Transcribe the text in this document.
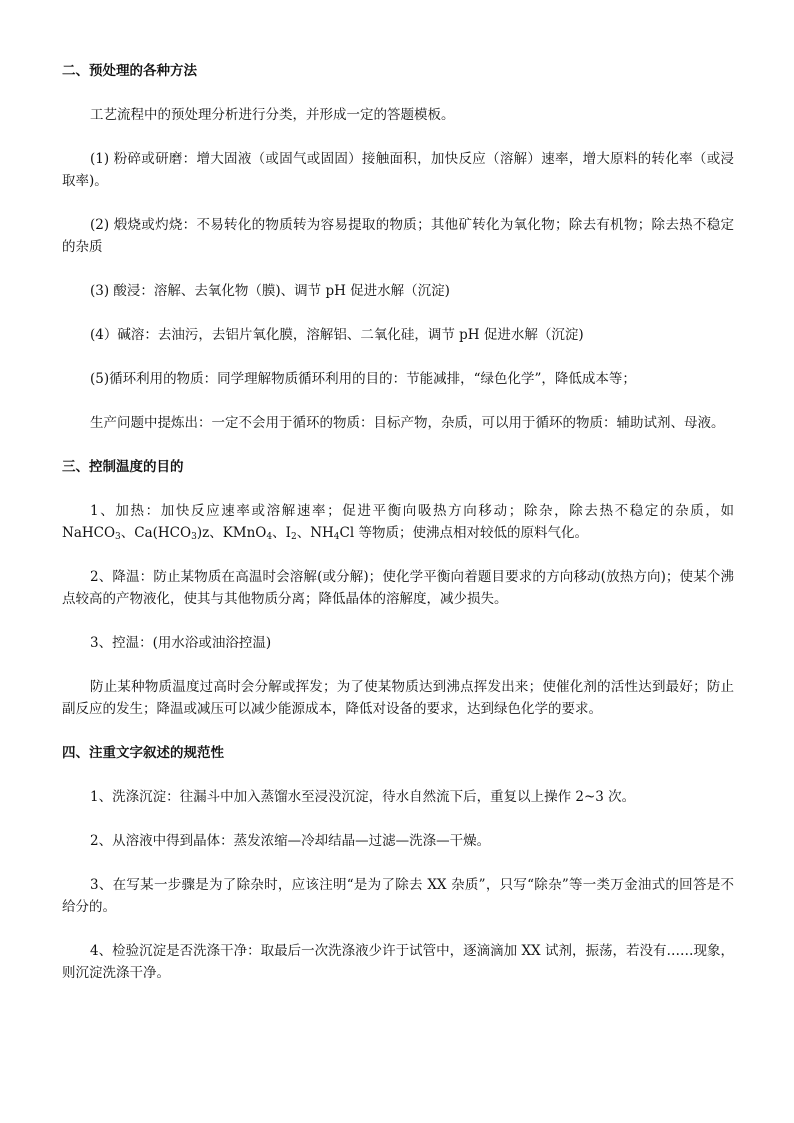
二、预处理的各种方法
工艺流程中的预处理分析进行分类，并形成一定的答题模板。
(1) 粉碎或研磨：增大固液（或固气或固固）接触面积，加快反应（溶解）速率，增大原料的转化率（或浸取率)。
(2) 煅烧或灼烧：不易转化的物质转为容易提取的物质；其他矿转化为氧化物；除去有机物；除去热不稳定的杂质
(3) 酸浸：溶解、去氧化物（膜)、调节 pH 促进水解（沉淀)
(4）碱溶：去油污，去铝片氧化膜，溶解铝、二氧化硅，调节 pH 促进水解（沉淀)
(5)循环利用的物质：同学理解物质循环利用的目的：节能减排，“绿色化学”，降低成本等；
生产问题中提炼出：一定不会用于循环的物质：目标产物，杂质，可以用于循环的物质：辅助试剂、母液。
三、控制温度的目的
1、加热：加快反应速率或溶解速率；促进平衡向吸热方向移动；除杂，除去热不稳定的杂质，如 NaHCO$_3$、$Ca(HCO_3)z$、KMnO$_4$、$I_2$、$NH_4Cl$ 等物质；使沸点相对较低的原料气化。
2、降温：防止某物质在高温时会溶解(或分解)；使化学平衡向着题目要求的方向移动(放热方向)；使某个沸点较高的产物液化，使其与其他物质分离；降低晶体的溶解度，减少损失。
3、控温：(用水浴或油浴控温)
防止某种物质温度过高时会分解或挥发；为了使某物质达到沸点挥发出来；使催化剂的活性达到最好；防止副反应的发生；降温或减压可以减少能源成本，降低对设备的要求，达到绿色化学的要求。
四、注重文字叙述的规范性
1、洗涤沉淀：往漏斗中加入蒸馏水至浸没沉淀，待水自然流下后，重复以上操作 2~3 次。
2、从溶液中得到晶体：蒸发浓缩—冷却结晶—过滤—洗涤—干燥。
3、在写某一步骤是为了除杂时，应该注明“是为了除去 XX 杂质”，只写“除杂”等一类万金油式的回答是不给分的。
4、检验沉淀是否洗涤干净：取最后一次洗涤液少许于试管中，逐滴滴加 XX 试剂，振荡，若没有……现象，则沉淀洗涤干净。
